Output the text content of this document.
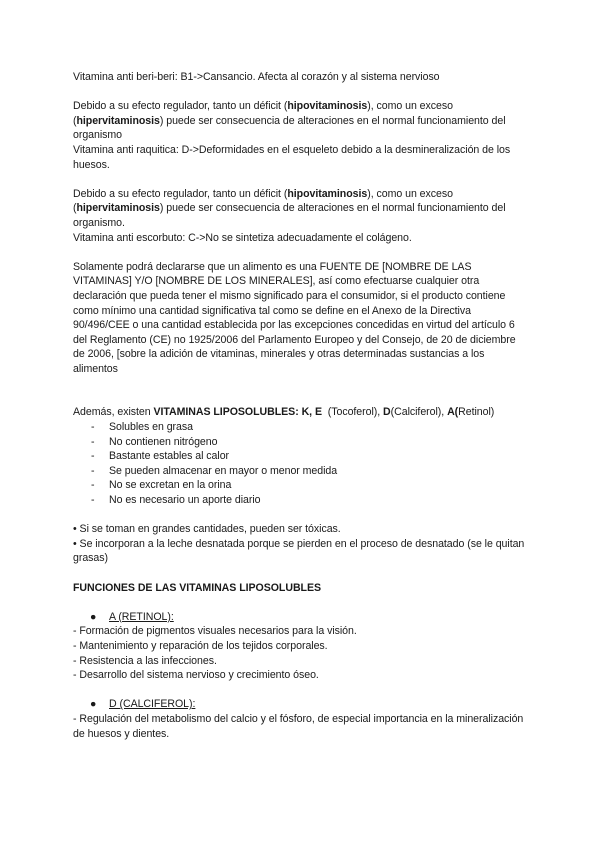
Vitamina anti beri-beri: B1->Cansancio. Afecta al corazón y al sistema nervioso

Debido a su efecto regulador, tanto un déficit (hipovitaminosis), como un exceso (hipervitaminosis) puede ser consecuencia de alteraciones en el normal funcionamiento del organismo

Vitamina anti raquitica: D->Deformidades en el esqueleto debido a la desmineralización de los huesos.

Debido a su efecto regulador, tanto un déficit (hipovitaminosis), como un exceso (hipervitaminosis) puede ser consecuencia de alteraciones en el normal funcionamiento del organismo.

Vitamina anti escorbuto: C->No se sintetiza adecuadamente el colágeno.

Solamente podrá declararse que un alimento es una FUENTE DE [NOMBRE DE LAS VITAMINAS] Y/O [NOMBRE DE LOS MINERALES], así como efectuarse cualquier otra declaración que pueda tener el mismo significado para el consumidor, si el producto contiene como mínimo una cantidad significativa tal como se define en el Anexo de la Directiva 90/496/CEE o una cantidad establecida por las excepciones concedidas en virtud del artículo 6 del Reglamento (CE) no 1925/2006 del Parlamento Europeo y del Consejo, de 20 de diciembre de 2006, [sobre la adición de vitaminas, minerales y otras determinadas sustancias a los alimentos

Además, existen VITAMINAS LIPOSOLUBLES: K, E  (Tocoferol), D(Calciferol), A(Retinol)

- Solubles en grasa
- No contienen nitrógeno
- Bastante estables al calor
- Se pueden almacenar en mayor o menor medida
- No se excretan en la orina
- No es necesario un aporte diario

• Si se toman en grandes cantidades, pueden ser tóxicas.

• Se incorporan a la leche desnatada porque se pierden en el proceso de desnatado (se le quitan grasas)

FUNCIONES DE LAS VITAMINAS LIPOSOLUBLES

● A (RETINOL):

- Formación de pigmentos visuales necesarios para la visión.

- Mantenimiento y reparación de los tejidos corporales.

- Resistencia a las infecciones.

- Desarrollo del sistema nervioso y crecimiento óseo.

● D (CALCIFEROL):

- Regulación del metabolismo del calcio y el fósforo, de especial importancia en la mineralización de huesos y dientes.
